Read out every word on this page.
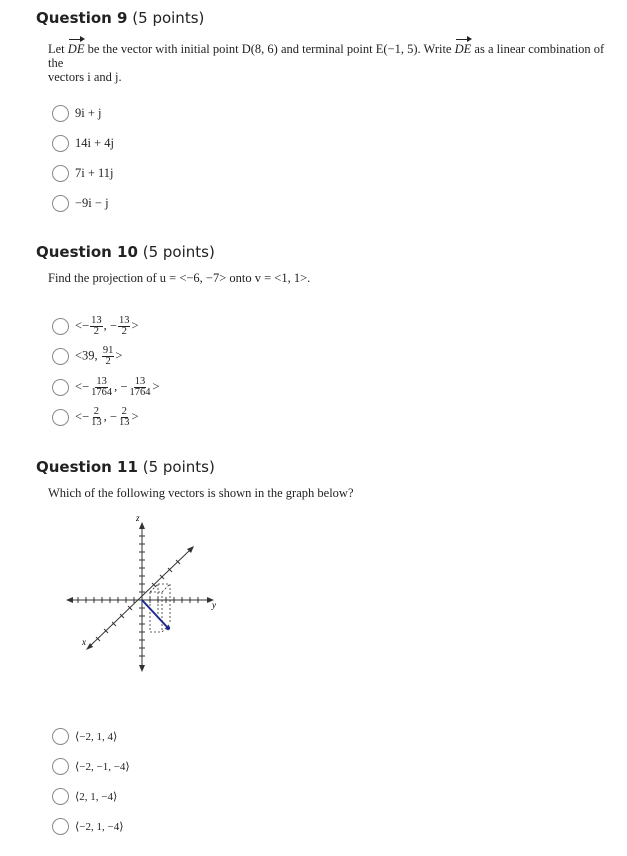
Question 9 (5 points)
Let DE be the vector with initial point D(8, 6) and terminal point E(−1, 5). Write DE as a linear combination of the
vectors i and j.
9i + j
14i + 4j
7i + 11j
−9i − j
Question 10 (5 points)
Find the projection of u = <−6, −7> onto v = <1, 1>.
<− $\frac{13}{2}$ , − $\frac{13}{2}$ >
<39, $\frac{91}{2}$ >
<− $\frac{13}{1764}$ , − $\frac{13}{1764}$ >
<− $\frac{2}{13}$ , − $\frac{2}{13}$ >
Question 11 (5 points)
Which of the following vectors is shown in the graph below?
z
y
x
⟨−2, 1, 4⟩
⟨−2, −1, −4⟩
⟨2, 1, −4⟩
⟨−2, 1, −4⟩
